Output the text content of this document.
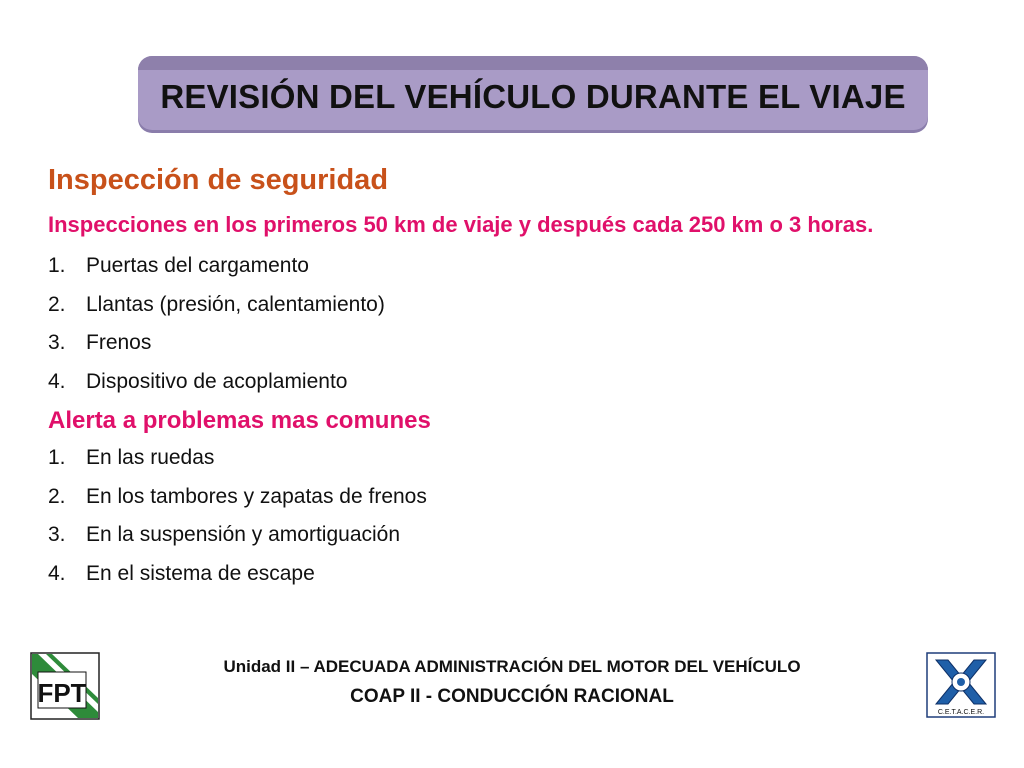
REVISIÓN DEL VEHÍCULO DURANTE EL VIAJE
Inspección de seguridad
Inspecciones en los primeros 50 km de viaje y después cada 250 km o 3 horas.
1. Puertas del cargamento
2. Llantas (presión, calentamiento)
3. Frenos
4. Dispositivo de acoplamiento
Alerta a problemas mas comunes
1. En las ruedas
2. En los tambores y zapatas de frenos
3. En la suspensión y amortiguación
4. En el sistema de escape
FPT
Unidad II – ADECUADA ADMINISTRACIÓN DEL MOTOR DEL VEHÍCULO
COAP II - CONDUCCIÓN RACIONAL
C.E.T.A.C.E.R.
